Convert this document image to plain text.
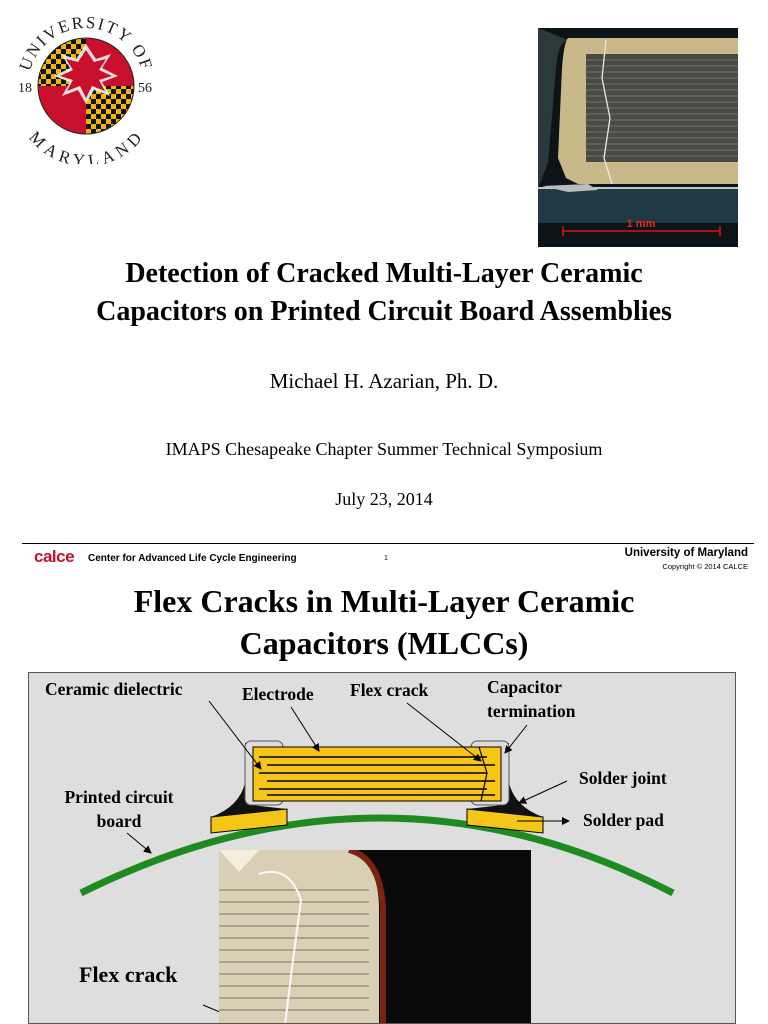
UNIVERSITY OF
MARYLAND
18	56
1 mm
Detection of Cracked Multi-Layer Ceramic
Capacitors on Printed Circuit Board Assemblies
Michael H. Azarian, Ph. D.
IMAPS Chesapeake Chapter Summer Technical Symposium
July 23, 2014
calce Center for Advanced Life Cycle Engineering	1	University of Maryland
Copyright © 2014 CALCE
Flex Cracks in Multi-Layer Ceramic
Capacitors (MLCCs)
Ceramic dielectric	Electrode Flex crack	Capacitor
termination
Solder joint
Solder pad
Printed circuit
board
Flex crack
